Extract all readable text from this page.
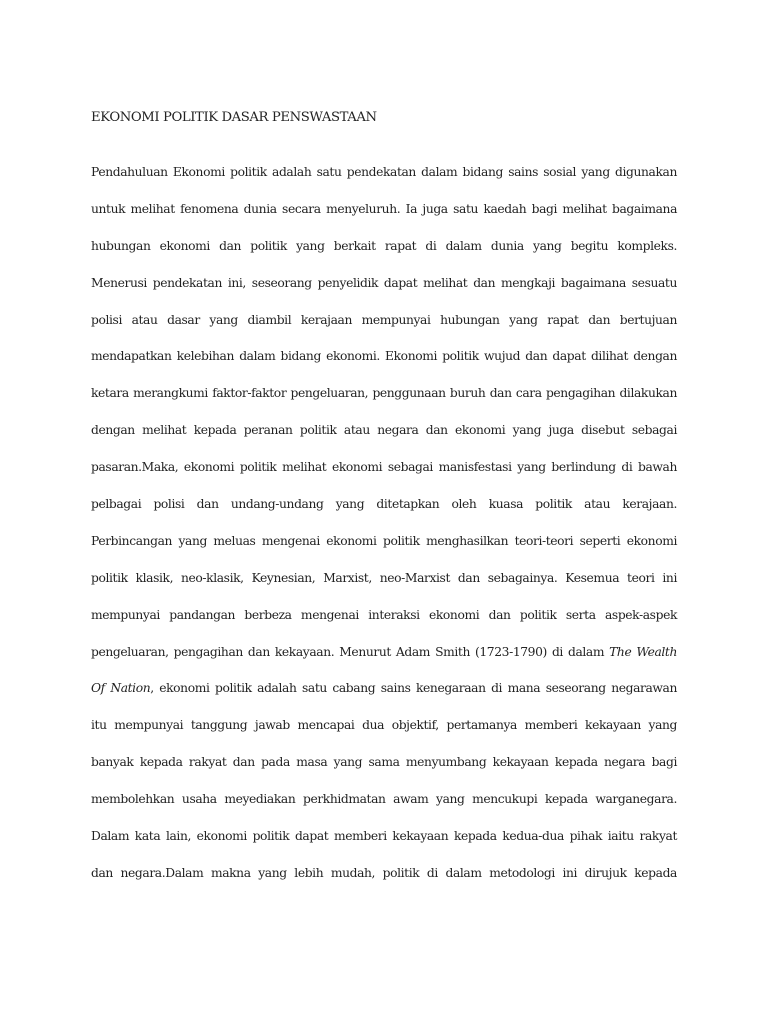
EKONOMI POLITIK DASAR PENSWASTAAN
Pendahuluan Ekonomi politik adalah satu pendekatan dalam bidang sains sosial yang digunakan
untuk melihat fenomena dunia secara menyeluruh. Ia juga satu kaedah bagi melihat bagaimana
hubungan ekonomi dan politik yang berkait rapat di dalam dunia yang begitu kompleks.
Menerusi pendekatan ini, seseorang penyelidik dapat melihat dan mengkaji bagaimana sesuatu
polisi atau dasar yang diambil kerajaan mempunyai hubungan yang rapat dan bertujuan
mendapatkan kelebihan dalam bidang ekonomi. Ekonomi politik wujud dan dapat dilihat dengan
ketara merangkumi faktor-faktor pengeluaran, penggunaan buruh dan cara pengagihan dilakukan
dengan melihat kepada peranan politik atau negara dan ekonomi yang juga disebut sebagai
pasaran.Maka, ekonomi politik melihat ekonomi sebagai manisfestasi yang berlindung di bawah
pelbagai polisi dan undang-undang yang ditetapkan oleh kuasa politik atau kerajaan.
Perbincangan yang meluas mengenai ekonomi politik menghasilkan teori-teori seperti ekonomi
politik klasik, neo-klasik, Keynesian, Marxist, neo-Marxist dan sebagainya. Kesemua teori ini
mempunyai pandangan berbeza mengenai interaksi ekonomi dan politik serta aspek-aspek
pengeluaran, pengagihan dan kekayaan. Menurut Adam Smith (1723-1790) di dalam The Wealth
Of Nation, ekonomi politik adalah satu cabang sains kenegaraan di mana seseorang negarawan
itu mempunyai tanggung jawab mencapai dua objektif, pertamanya memberi kekayaan yang
banyak kepada rakyat dan pada masa yang sama menyumbang kekayaan kepada negara bagi
membolehkan usaha meyediakan perkhidmatan awam yang mencukupi kepada warganegara.
Dalam kata lain, ekonomi politik dapat memberi kekayaan kepada kedua-dua pihak iaitu rakyat
dan negara.Dalam makna yang lebih mudah, politik di dalam metodologi ini dirujuk kepada
